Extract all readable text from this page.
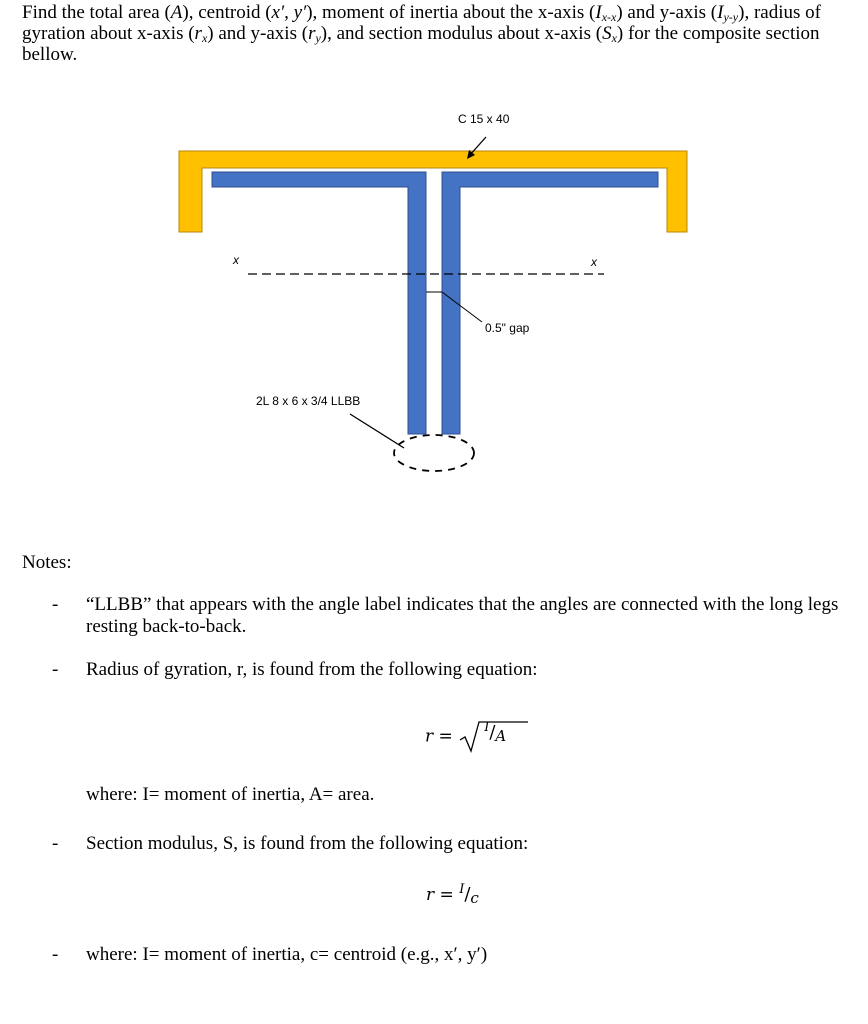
Find the total area (A), centroid (x′, y′), moment of inertia about the x-axis $(I_{x-x})$ and y-axis $(I_{y-y})$, radius of gyration about x-axis $(r_x)$ and y-axis $(r_y)$, and section modulus about x-axis $(S_x)$ for the composite section bellow.
x	x
C 15 x 40
0.5" gap
2L 8 x 6 x 3/4 LLBB
Notes:
- “LLBB” that appears with the angle label indicates that the angles are connected with the long legs resting back-to-back.
- Radius of gyration, r, is found from the following equation:
r = $^I$/A
where: I= moment of inertia, A= area.
- Section modulus, S, is found from the following equation:
r = $^I$/c
- where: I= moment of inertia, c= centroid (e.g., x′, y′)
